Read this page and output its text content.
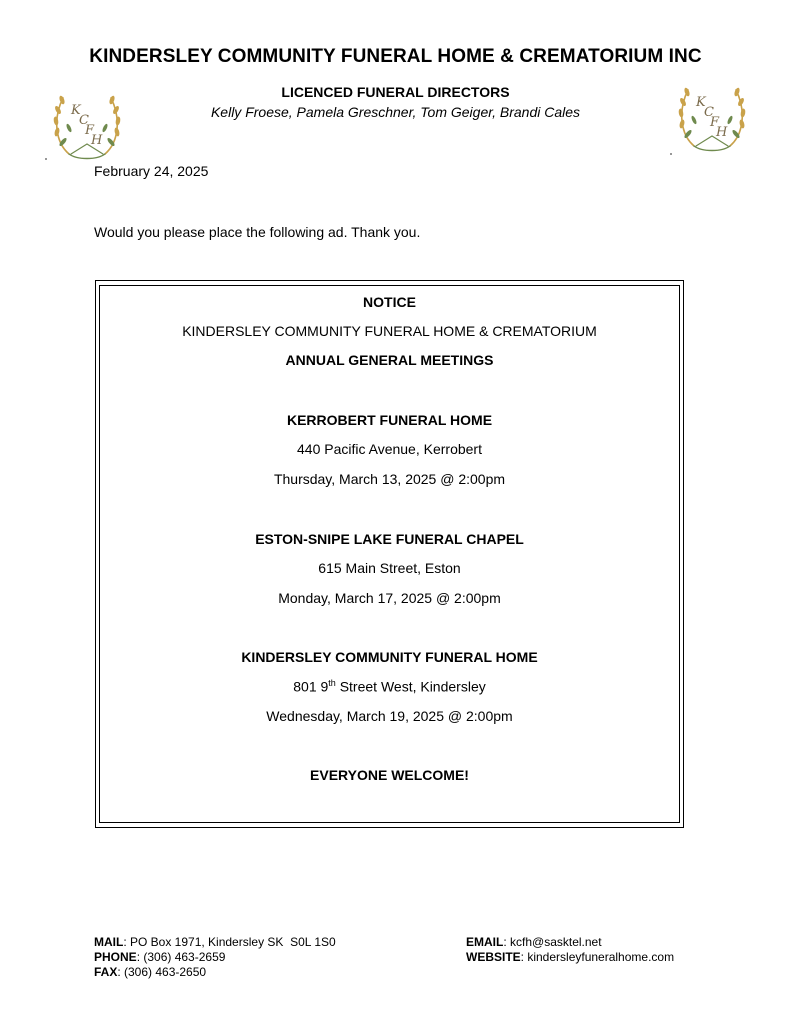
KINDERSLEY COMMUNITY FUNERAL HOME & CREMATORIUM INC
LICENCED FUNERAL DIRECTORS
Kelly Froese, Pamela Greschner, Tom Geiger, Brandi Cales
K
C
F
H
K
C
F
H
February 24, 2025
Would you please place the following ad. Thank you.
NOTICE
KINDERSLEY COMMUNITY FUNERAL HOME & CREMATORIUM
ANNUAL GENERAL MEETINGS
KERROBERT FUNERAL HOME
440 Pacific Avenue, Kerrobert
Thursday, March 13, 2025 @ 2:00pm
ESTON-SNIPE LAKE FUNERAL CHAPEL
615 Main Street, Eston
Monday, March 17, 2025 @ 2:00pm
KINDERSLEY COMMUNITY FUNERAL HOME
801 9th Street West, Kindersley
Wednesday, March 19, 2025 @ 2:00pm
EVERYONE WELCOME!
MAIL: PO Box 1971, Kindersley SK  S0L 1S0
PHONE: (306) 463-2659
FAX: (306) 463-2650
EMAIL: kcfh@sasktel.net
WEBSITE: kindersleyfuneralhome.com
